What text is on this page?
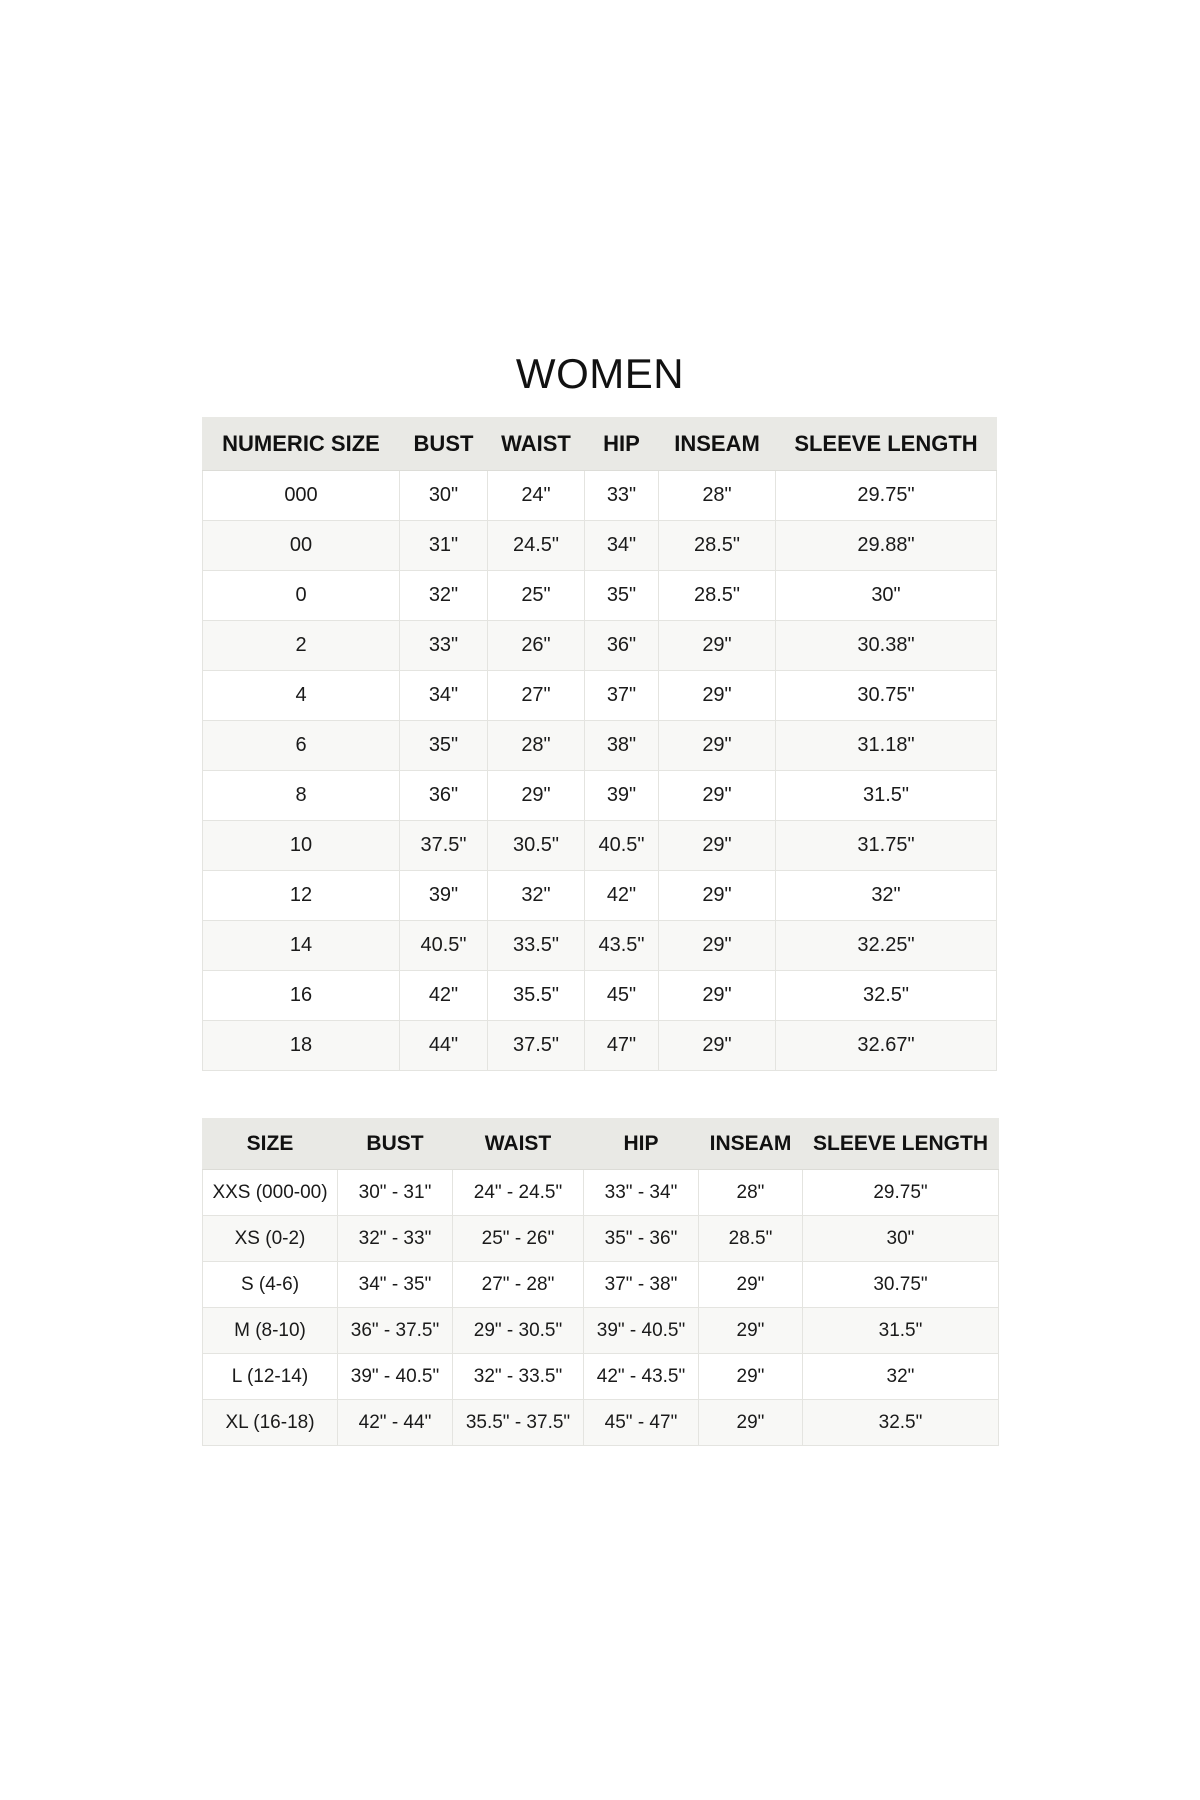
WOMEN
NUMERIC SIZE	BUST	WAIST	HIP	INSEAM	SLEEVE LENGTH
000	30"	24"	33"	28"	29.75"
00	31"	24.5"	34"	28.5"	29.88"
0	32"	25"	35"	28.5"	30"
2	33"	26"	36"	29"	30.38"
4	34"	27"	37"	29"	30.75"
6	35"	28"	38"	29"	31.18"
8	36"	29"	39"	29"	31.5"
10	37.5"	30.5"	40.5"	29"	31.75"
12	39"	32"	42"	29"	32"
14	40.5"	33.5"	43.5"	29"	32.25"
16	42"	35.5"	45"	29"	32.5"
18	44"	37.5"	47"	29"	32.67"
SIZE	BUST	WAIST	HIP	INSEAM	SLEEVE LENGTH
XXS (000-00)	30" - 31"	24" - 24.5"	33" - 34"	28"	29.75"
XS (0-2)	32" - 33"	25" - 26"	35" - 36"	28.5"	30"
S (4-6)	34" - 35"	27" - 28"	37" - 38"	29"	30.75"
M (8-10)	36" - 37.5"	29" - 30.5"	39" - 40.5"	29"	31.5"
L (12-14)	39" - 40.5"	32" - 33.5"	42" - 43.5"	29"	32"
XL (16-18)	42" - 44"	35.5" - 37.5"	45" - 47"	29"	32.5"
